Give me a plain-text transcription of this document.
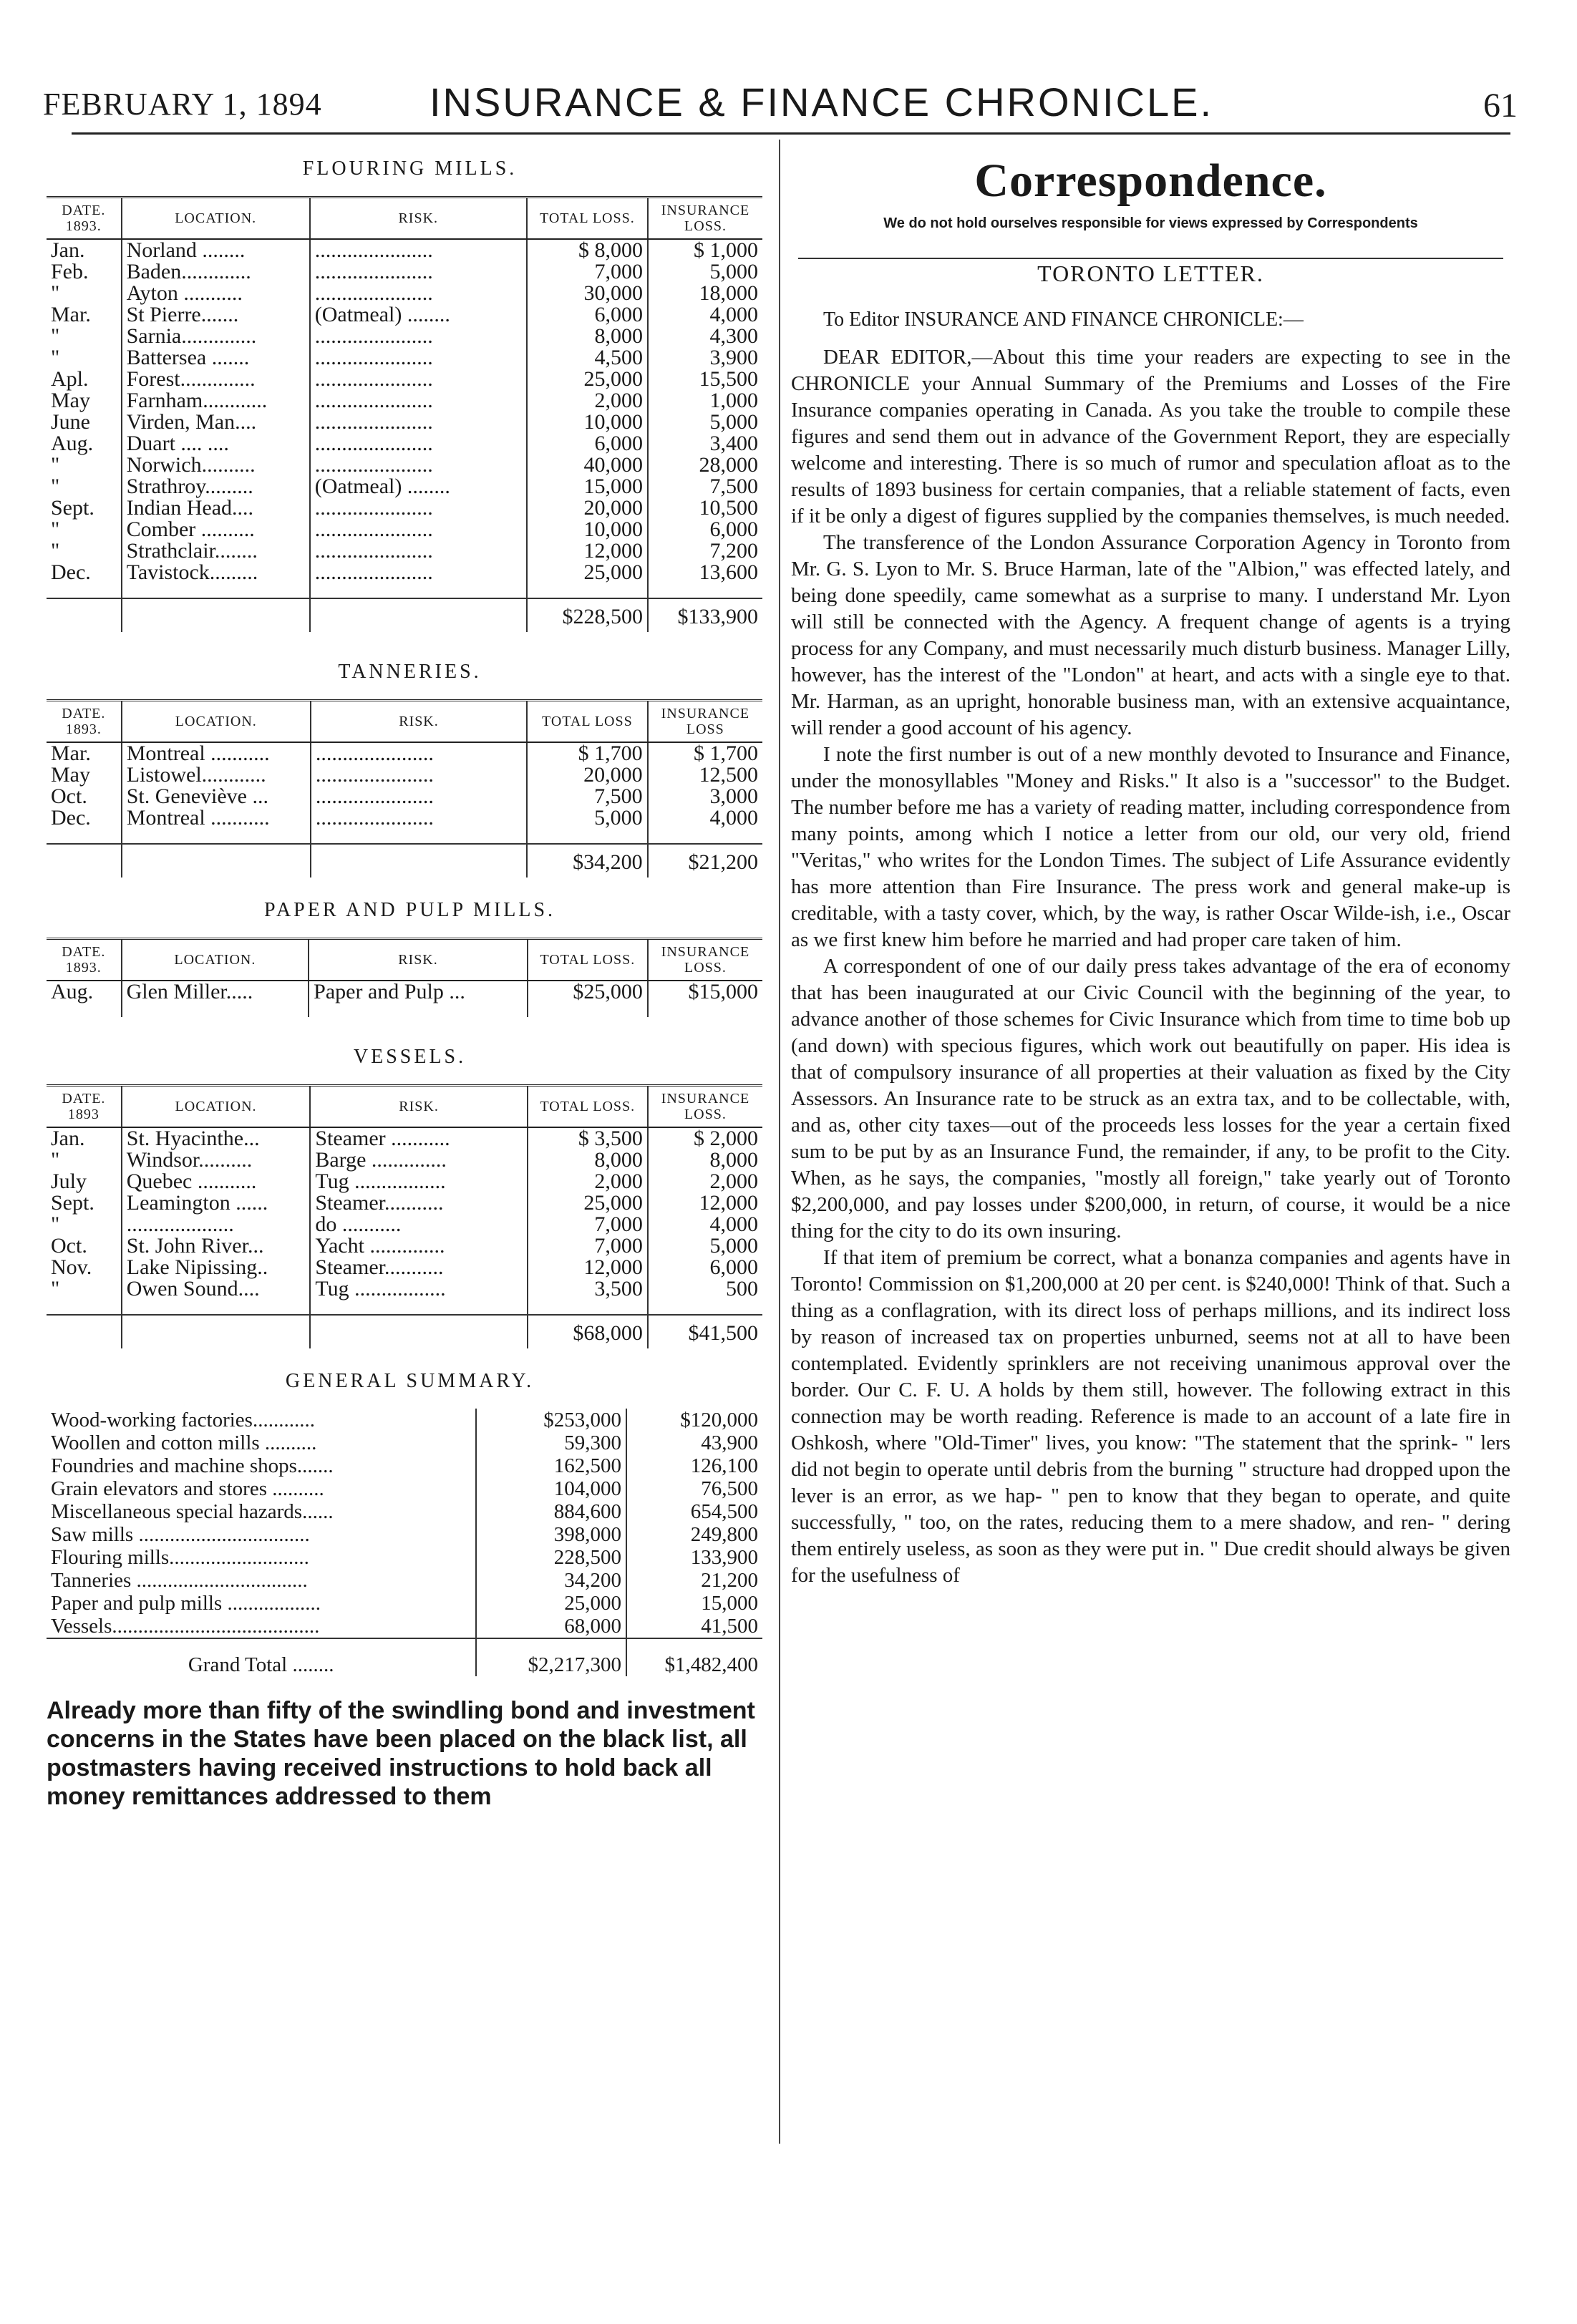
FEBRUARY 1, 1894	INSURANCE & FINANCE CHRONICLE.	61
FLOURING MILLS.
DATE. 1893.	LOCATION.	RISK.	TOTAL LOSS.	INSURANCE LOSS.
Jan.	Norland ........	......................	$ 8,000	$ 1,000
Feb.	Baden.............	......................	7,000	5,000
"	Ayton ...........	......................	30,000	18,000
Mar.	St Pierre.......	(Oatmeal) ........	6,000	4,000
"	Sarnia..............	......................	8,000	4,300
"	Battersea .......	......................	4,500	3,900
Apl.	Forest..............	......................	25,000	15,500
May	Farnham............	......................	2,000	1,000
June	Virden, Man....	......................	10,000	5,000
Aug.	Duart .... ....	......................	6,000	3,400
"	Norwich..........	......................	40,000	28,000
"	Strathroy.........	(Oatmeal) ........	15,000	7,500
Sept.	Indian Head....	......................	20,000	10,500
"	Comber ..........	......................	10,000	6,000
"	Strathclair........	......................	12,000	7,200
Dec.	Tavistock.........	......................	25,000	13,600

			$228,500	$133,900
TANNERIES.
DATE. 1893.	LOCATION.	RISK.	TOTAL LOSS	INSURANCE LOSS
Mar.	Montreal ...........	......................	$ 1,700	$ 1,700
May	Listowel............	......................	20,000	12,500
Oct.	St. Geneviève ...	......................	7,500	3,000
Dec.	Montreal ...........	......................	5,000	4,000

			$34,200	$21,200
PAPER AND PULP MILLS.
DATE. 1893.	LOCATION.	RISK.	TOTAL LOSS.	INSURANCE LOSS.
Aug.	Glen Miller.....	Paper and Pulp ...	$25,000	$15,000

VESSELS.
DATE. 1893	LOCATION.	RISK.	TOTAL LOSS.	INSURANCE LOSS.
Jan.	St. Hyacinthe...	Steamer ...........	$ 3,500	$ 2,000
"	Windsor..........	Barge ..............	8,000	8,000
July	Quebec ...........	Tug .................	2,000	2,000
Sept.	Leamington ......	Steamer...........	25,000	12,000
"	....................	do ...........	7,000	4,000
Oct.	St. John River...	Yacht ..............	7,000	5,000
Nov.	Lake Nipissing..	Steamer...........	12,000	6,000
"	Owen Sound....	Tug .................	3,500	500

			$68,000	$41,500
GENERAL SUMMARY.
Wood-working factories............	$253,000	$120,000
Woollen and cotton mills ..........	59,300	43,900
Foundries and machine shops.......	162,500	126,100
Grain elevators and stores ..........	104,000	76,500
Miscellaneous special hazards......	884,600	654,500
Saw mills .................................	398,000	249,800
Flouring mills...........................	228,500	133,900
Tanneries .................................	34,200	21,200
Paper and pulp mills ..................	25,000	15,000
Vessels........................................	68,000	41,500
Grand Total ........	$2,217,300	$1,482,400
Already more than fifty of the swindling bond and investment concerns in the States have been placed on the black list, all postmasters having received instructions to hold back all money remittances addressed to them
Correspondence.
We do not hold ourselves responsible for views expressed by Correspondents
TORONTO LETTER.
To Editor INSURANCE AND FINANCE CHRONICLE:—

DEAR EDITOR,—About this time your readers are expecting to see in the CHRONICLE your Annual Summary of the Premiums and Losses of the Fire Insurance companies operating in Canada. As you take the trouble to compile these figures and send them out in advance of the Government Report, they are especially welcome and interesting. There is so much of rumor and speculation afloat as to the results of 1893 business for certain companies, that a reliable statement of facts, even if it be only a digest of figures supplied by the companies themselves, is much needed.

The transference of the London Assurance Corporation Agency in Toronto from Mr. G. S. Lyon to Mr. S. Bruce Harman, late of the "Albion," was effected lately, and being done speedily, came somewhat as a surprise to many. I understand Mr. Lyon will still be connected with the Agency. A frequent change of agents is a trying process for any Company, and must necessarily much disturb business. Manager Lilly, however, has the interest of the "London" at heart, and acts with a single eye to that. Mr. Harman, as an upright, honorable business man, with an extensive acquaintance, will render a good account of his agency.

I note the first number is out of a new monthly devoted to Insurance and Finance, under the monosyllables "Money and Risks." It also is a "successor" to the Budget. The number before me has a variety of reading matter, including correspondence from many points, among which I notice a letter from our old, our very old, friend "Veritas," who writes for the London Times. The subject of Life Assurance evidently has more attention than Fire Insurance. The press work and general make-up is creditable, with a tasty cover, which, by the way, is rather Oscar Wilde-ish, i.e., Oscar as we first knew him before he married and had proper care taken of him.

A correspondent of one of our daily press takes advantage of the era of economy that has been inaugurated at our Civic Council with the beginning of the year, to advance another of those schemes for Civic Insurance which from time to time bob up (and down) with specious figures, which work out beautifully on paper. His idea is that of compulsory insurance of all properties at their valuation as fixed by the City Assessors. An Insurance rate to be struck as an extra tax, and to be collectable, with, and as, other city taxes—out of the proceeds less losses for the year a certain fixed sum to be put by as an Insurance Fund, the remainder, if any, to be profit to the City. When, as he says, the companies, "mostly all foreign," take yearly out of Toronto $2,200,000, and pay losses under $200,000, in return, of course, it would be a nice thing for the city to do its own insuring.

If that item of premium be correct, what a bonanza companies and agents have in Toronto! Commission on $1,200,000 at 20 per cent. is $240,000! Think of that. Such a thing as a conflagration, with its direct loss of perhaps millions, and its indirect loss by reason of increased tax on properties unburned, seems not at all to have been contemplated. Evidently sprinklers are not receiving unanimous approval over the border. Our C. F. U. A holds by them still, however. The following extract in this connection may be worth reading. Reference is made to an account of a late fire in Oshkosh, where "Old-Timer" lives, you know: "The statement that the sprink- " lers did not begin to operate until debris from the burning " structure had dropped upon the lever is an error, as we hap- " pen to know that they began to operate, and quite successfully, " too, on the rates, reducing them to a mere shadow, and ren- " dering them entirely useless, as soon as they were put in. " Due credit should always be given for the usefulness of
